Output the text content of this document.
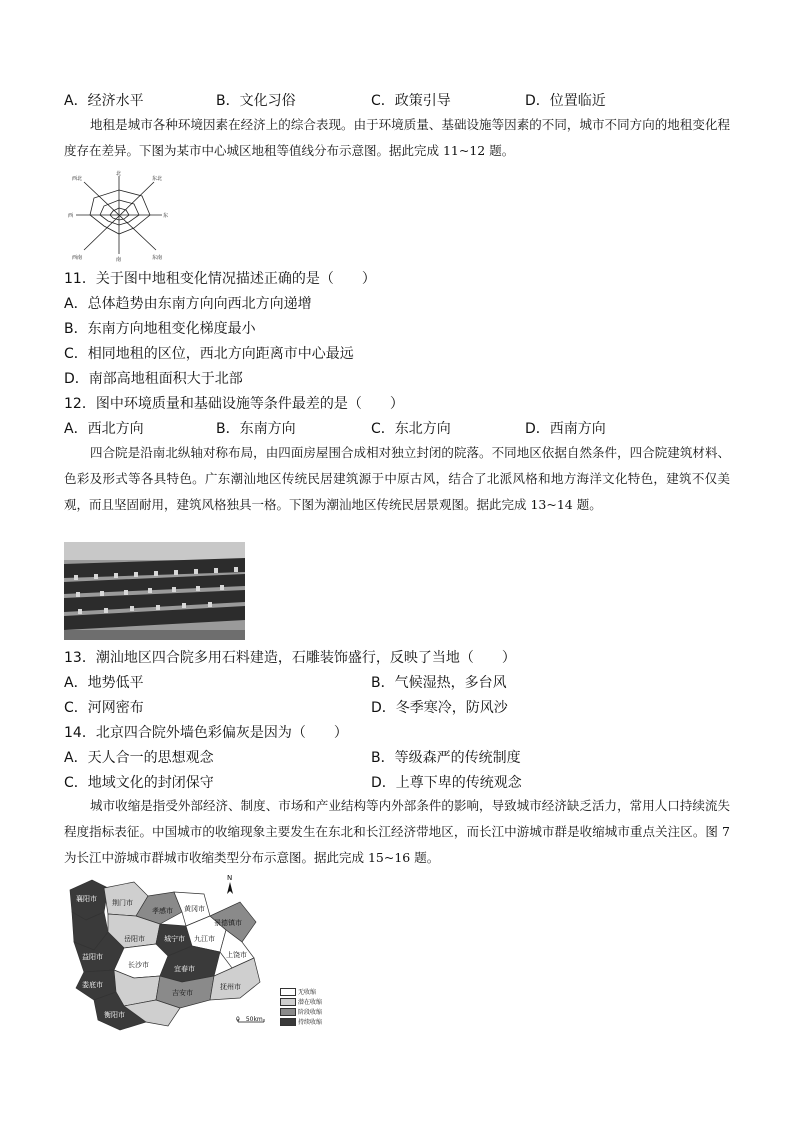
A．经济水平	B．文化习俗	C．政策引导	D．位置临近
地租是城市各种环境因素在经济上的综合表现。由于环境质量、基础设施等因素的不同，城市不同方向的地租变化程度存在差异。下图为某市中心城区地租等值线分布示意图。据此完成 11~12 题。
北
东北
东
东南
南
西南
西
西北
11．关于图中地租变化情况描述正确的是（　　）
A．总体趋势由东南方向向西北方向递增
B．东南方向地租变化梯度最小
C．相同地租的区位，西北方向距离市中心最远
D．南部高地租面积大于北部
12．图中环境质量和基础设施等条件最差的是（　　）
A．西北方向	B．东南方向	C．东北方向	D．西南方向
四合院是沿南北纵轴对称布局，由四面房屋围合成相对独立封闭的院落。不同地区依据自然条件，四合院建筑材料、色彩及形式等各具特色。广东潮汕地区传统民居建筑源于中原古风，结合了北派风格和地方海洋文化特色，建筑不仅美观，而且坚固耐用，建筑风格独具一格。下图为潮汕地区传统民居景观图。据此完成 13~14 题。
13．潮汕地区四合院多用石料建造，石雕装饰盛行，反映了当地（　　）
A．地势低平	B．气候湿热，多台风
C．河网密布	D．冬季寒冷，防风沙
14．北京四合院外墙色彩偏灰是因为（　　）
A．天人合一的思想观念	B．等级森严的传统制度
C．地域文化的封闭保守	D．上尊下卑的传统观念
城市收缩是指受外部经济、制度、市场和产业结构等内外部条件的影响，导致城市经济缺乏活力，常用人口持续流失程度指标表征。中国城市的收缩现象主要发生在东北和长江经济带地区，而长江中游城市群是收缩城市重点关注区。图 7 为长江中游城市群城市收缩类型分布示意图。据此完成 15~16 题。
N
襄阳市 荆门市
孝感市 黄冈市
城宁市 九江市
景德镇市
上饶市
益阳市
长沙市	宜春市
娄底市
衡阳市
吉安市
抚州市
岳阳市
无收缩
潜在收缩
阶段收缩
持续收缩
0　50km
